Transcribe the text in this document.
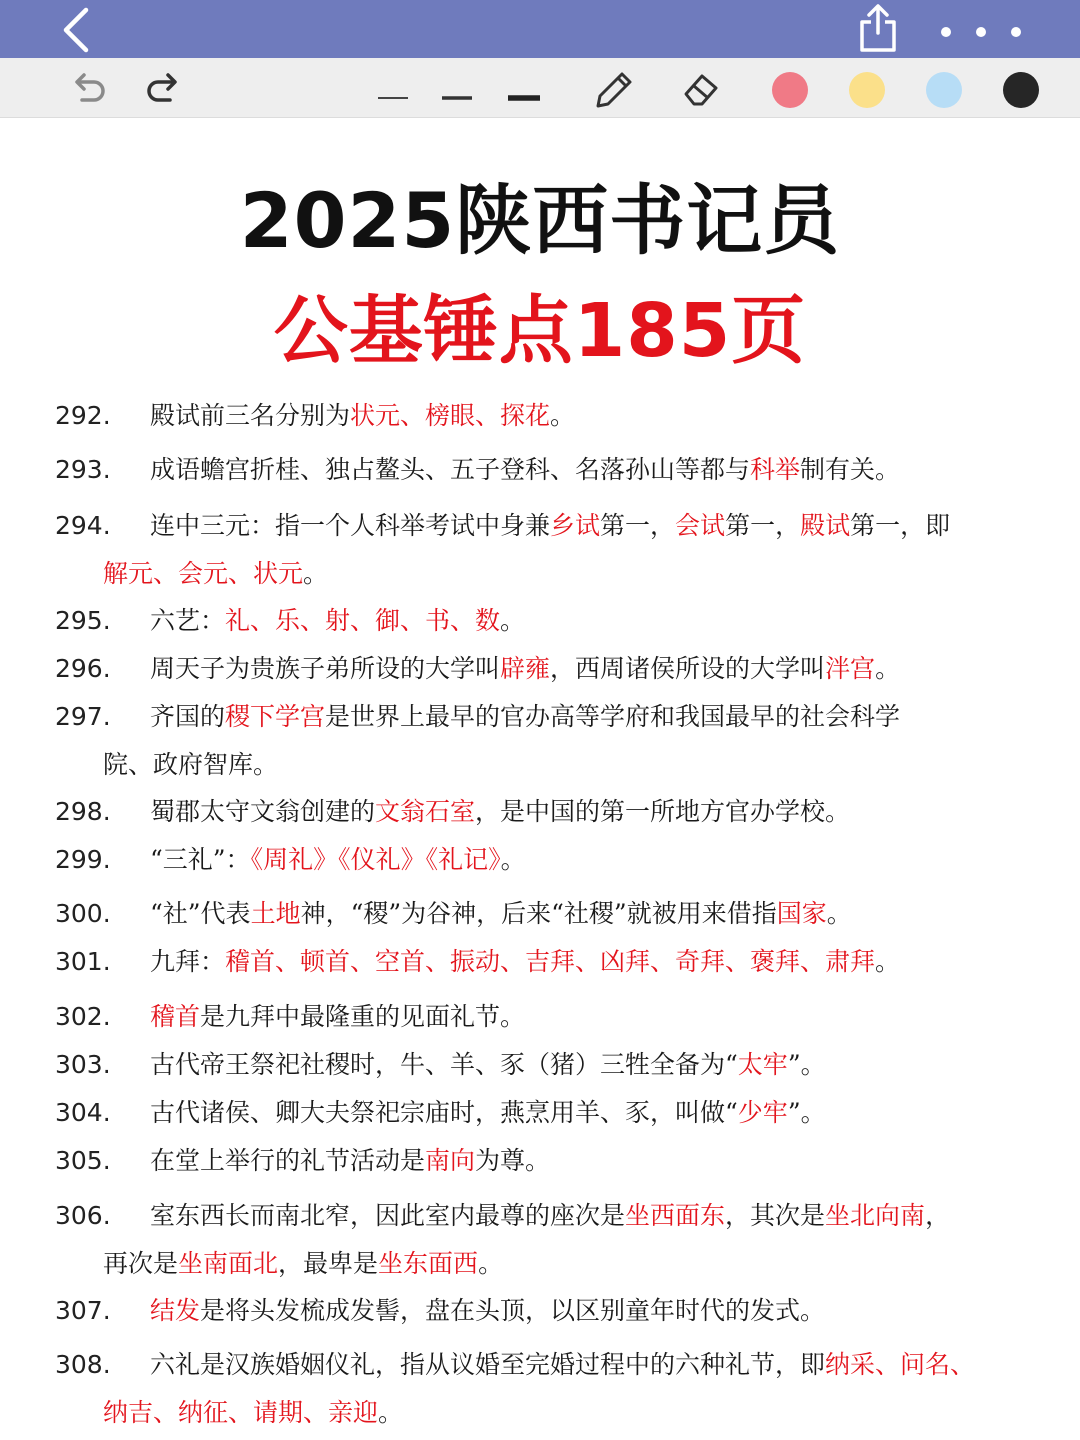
2025陕西书记员
公基锤点185页
292. 殿试前三名分别为状元、榜眼、探花。
293. 成语蟾宫折桂、独占鳌头、五子登科、名落孙山等都与科举制有关。
294. 连中三元：指一个人科举考试中身兼乡试第一，会试第一，殿试第一，即
解元、会元、状元。
295. 六艺：礼、乐、射、御、书、数。
296. 周天子为贵族子弟所设的大学叫辟雍，西周诸侯所设的大学叫泮宫。
297. 齐国的稷下学宫是世界上最早的官办高等学府和我国最早的社会科学
院、政府智库。
298. 蜀郡太守文翁创建的文翁石室，是中国的第一所地方官办学校。
299. “三礼”：《周礼》《仪礼》《礼记》。
300. “社”代表土地神，“稷”为谷神，后来“社稷”就被用来借指国家。
301. 九拜：稽首、顿首、空首、振动、吉拜、凶拜、奇拜、褒拜、肃拜。
302. 稽首是九拜中最隆重的见面礼节。
303. 古代帝王祭祀社稷时，牛、羊、豕（猪）三牲全备为“太牢”。
304. 古代诸侯、卿大夫祭祀宗庙时，燕烹用羊、豕，叫做“少牢”。
305. 在堂上举行的礼节活动是南向为尊。
306. 室东西长而南北窄，因此室内最尊的座次是坐西面东，其次是坐北向南，
再次是坐南面北，最卑是坐东面西。
307. 结发是将头发梳成发髻，盘在头顶，以区别童年时代的发式。
308. 六礼是汉族婚姻仪礼，指从议婚至完婚过程中的六种礼节，即纳采、问名、
纳吉、纳征、请期、亲迎。
